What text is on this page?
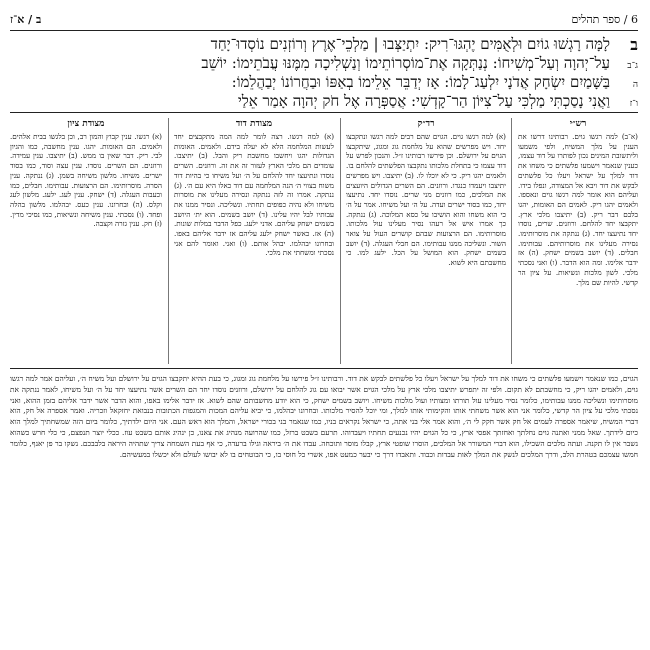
6 / ספר תהלים
ב / א־ז
ב
לָמָּה רָגְשׁוּ גוֹיִם וּלְאֻמִּים יֶהְגּוּ־רִיק: יִתְיַצְּבוּ | מַלְכֵי־אֶרֶץ וְרוֹזְנִים נוֹסְדוּ־יָחַד
ג־ב
עַל־יְהוָה וְעַל־מְשִׁיחוֹ: נְנַתְּקָה אֶת־מוֹסְרוֹתֵימוֹ וְנַשְׁלִיכָה מִמֶּנּוּ עֲבֹתֵימוֹ: יוֹשֵׁב
ה
בַּשָּׁמַיִם יִשְׂחָק אֲדֹנָי יִלְעַג־לָמוֹ: אָז יְדַבֵּר אֵלֵימוֹ בְאַפּוֹ וּבַחֲרוֹנוֹ יְבַהֲלֵמוֹ:
ו־ז
וַאֲנִי נָסַכְתִּי מַלְכִּי עַל־צִיּוֹן הַר־קָדְשִׁי: אֲסַפְּרָה אֶל חֹק יְהוָה אָמַר אֵלַי
רש״י
(א־ב) למה רגשו גוים. רבותינו דרשו את הענין על מלך המשיח, ולפי משמעו וליתשובת המינים נכון לפותרו על דוד עצמו, כענין שנאמר וישמעו פלשתים כי משחו את דוד למלך על ישראל ויעלו כל פלשתים לבקש את דוד ויבא אל המצודה, ונפלו בידו. ועליהם הוא אומר למה רגשו גוים ונאספו. ולאמים יהגו ריק. לאמים הם האומות, יהגו בלבם דבר ריק. (ב) יתיצבו מלכי ארץ. יתקבצו יחד להלחם. ורוזנים. שרים, נוסדו יחד נתיעצו יחד. (ג) ננתקה את מוסרותימו. נסירה מעלינו את מוסרותיהם. עבותימו. חבלים. (ד) יושב בשמים ישחק. (ה) אז ידבר אלימו. ומה הוא הדבר. (ו) ואני נסכתי מלכי. לשון מלכות ונשיאות. על ציון הר קדשי. להיות שם מלך.
רד״ק
(א) למה רגשו גוים. הגוים שהם רבים למה רגשו ונתקבצו יחד. ויש מפרשים שהוא על מלחמת גוג ומגוג, שיתקבצו הגוים על ירושלם. וכן פירשו רבותינו ז״ל. והנכון לפרש על דוד עצמו כי בתחלת מלכותו נתקבצו הפלשתים להלחם בו. ולאמים יהגו ריק. כי לא יוכלו לו. (ב) יתיצבו. ויש מפרשים יתיצבו ויעמדו כנגדו. ורוזנים. הם השרים הגדולים היועצים את המלכים, כמו רוזנים מני שרים. נוסדו יחד. נתיעצו יחד, כמו בסוד ישרים ועדה. על ה׳ ועל משיחו. אמר על ה׳ כי הוא משחו והוא הושיבו על כסא המלוכה. (ג) ננתקה. כך אמרו איש אל רעהו נסיר מעלינו עול מלכותו. מוסרותימו. הם הרצועות שבהם קושרים העול על צואר השור. ונשליכה ממנו עבותימו. הם חבלי העגלה. (ד) יושב בשמים ישחק. הוא המושל על הכל. ילעג למו. כי מחשבתם היא לשוא.
מצודת דוד
(א) למה רגשו. רצה לומר למה המה מתקבצים יחד לעשות המלחמה הלא לא יעלה בידם. ולאמים. האומות הגדולות יהגו ויחשבו מחשבת ריק והבל. (ב) יתיצבו. עומדים הם מלכי הארץ לעזור זה את זה. ורוזנים. השרים נוסדו ונתיעצו יחד להלחם על ה׳ ועל משיחו כי בהיות דוד משוח בצווי ה׳ הנה המלחמה עם דוד כאלו היא עם ה׳. (ג) ננתקה. אמרו זה לזה ננתקה ונסירה מעלינו את מוסרות משיחו ולא נהיה כפופים תחתיו. ונשליכה. ונסיר ממנו את עבותיו לבל יהיו עלינו. (ד) יושב בשמים. הוא ית׳ היושב בשמים ישחק עליהם. אדני ילעג. כפל הדבר במלות שונות. (ה) אז. כאשר ישחק ילעג עליהם אז ידבר אליהם באפו. ובחרונו יבהלמו. יבהל אותם. (ו) ואני. ואומר להם אני נסכתי ומשחתי את מלכי.
מצודת ציון
(א) רגשו. ענין קבוץ והמון רב, וכן בלגשו בבית אלהים. ולאמים. הם האומות. יהגו. ענין מחשבה, כמו והגיון לבי. ריק. דבר שאין בו ממש. (ב) יתיצבו. ענין עמידה. ורוזנים. הם השרים. נוסדו. ענין עצה וסוד, כמו בסוד ישרים. משיחו. מלשון משיחה בשמן. (ג) ננתקה. ענין הסרה. מוסרותימו. הם הרצועות. עבותימו. חבלים, כמו וכעבות העגלה. (ד) ישחק. ענין לעג. ילעג. מלשון לעג וקלס. (ה) ובחרונו. ענין כעס. יבהלמו. מלשון בהלה ופחד. (ו) נסכתי. ענין משיחה ונשיאות, כמו נסיכי מדין. (ז) חק. ענין גזרה וקצבה.
הגוים, כמו שנאמר וישמעו פלשתים כי משחו את דוד למלך על ישראל ויעלו כל פלשתים לבקש את דוד. ורבותינו ז״ל פירשו על מלחמת גוג ומגוג, כי בעת ההיא יתקבצו הגוים על ירושלם ועל משיח ה׳, ועליהם אמר למה רגשו גוים, ולאמים יהגו ריק, כי מחשבתם לא תקום. ולפי זה יתפרש יתיצבו מלכי ארץ על מלכי הגוים אשר יבואו עם גוג להלחם על ירושלם, ורוזנים נוסדו יחד הם השרים אשר נתיעצו יחד על ה׳ ועל משיחו, לאמר ננתקה את מוסרותימו ונשליכה ממנו עבותימו, כלומר נסיר מעלינו עול תורתו ומצותיו ועול מלכות משיחו. ויושב בשמים ישחק, כי הוא יודע מחשבותם שהם לשוא. אז ידבר אלימו באפו, והוא הדבר אשר ידבר אליהם בזמן ההוא, ואני נסכתי מלכי על ציון הר קדשי, כלומר אני הוא אשר משחתי אותו והקימותי אותו למלך, ומי יוכל להסיר מלכותו. ובחרונו יבהלמו, כי יביא עליהם המכות והמגפות הכתובות בנבואת יחזקאל וזכריה. ואמר אספרה אל חק, הוא דברי המשיח, שיאמר אספרה לעמים אל חק אשר חקק לי ה׳, והוא אמר אלי בני אתה, כי ישראל נקראים בניו, כמו שנאמר בני בכורי ישראל, והמלך הוא ראש העם. אני היום ילדתיך, כלומר ביום הזה שמשחתיך למלך הוא כיום לידתך. שאל ממני ואתנה גוים נחלתך ואחזתך אפסי ארץ, כי כל הגוים יהיו נכנעים תחתיו ויעבדוהו. תרעם בשבט ברזל, כמו שהרועה מנהיג את צאנו, כן ינהיג אותם בשבט עוז. ככלי יוצר תנפצם, כי כלי חרש כשהוא נשבר אין לו תקנה. ועתה מלכים השכילו, הוא דברי המשורר אל המלכים, הוסרו שופטי ארץ, קבלו מוסר ותוכחה. עבדו את ה׳ ביראה וגילו ברעדה, כי אף בעת השמחה צריך שתהיה היראה בלבבכם. נשקו בר פן יאנף, כלומר חמשו עצמכם בטהרת הלב, ודרך המלכים לנשק את המלך לאות עבדות וכבוד. ותאבדו דרך כי יבער כמעט אפו, אשרי כל חוסי בו, כי הבוטחים בו לא יבושו לעולם ולא יכשלו במעשיהם.
